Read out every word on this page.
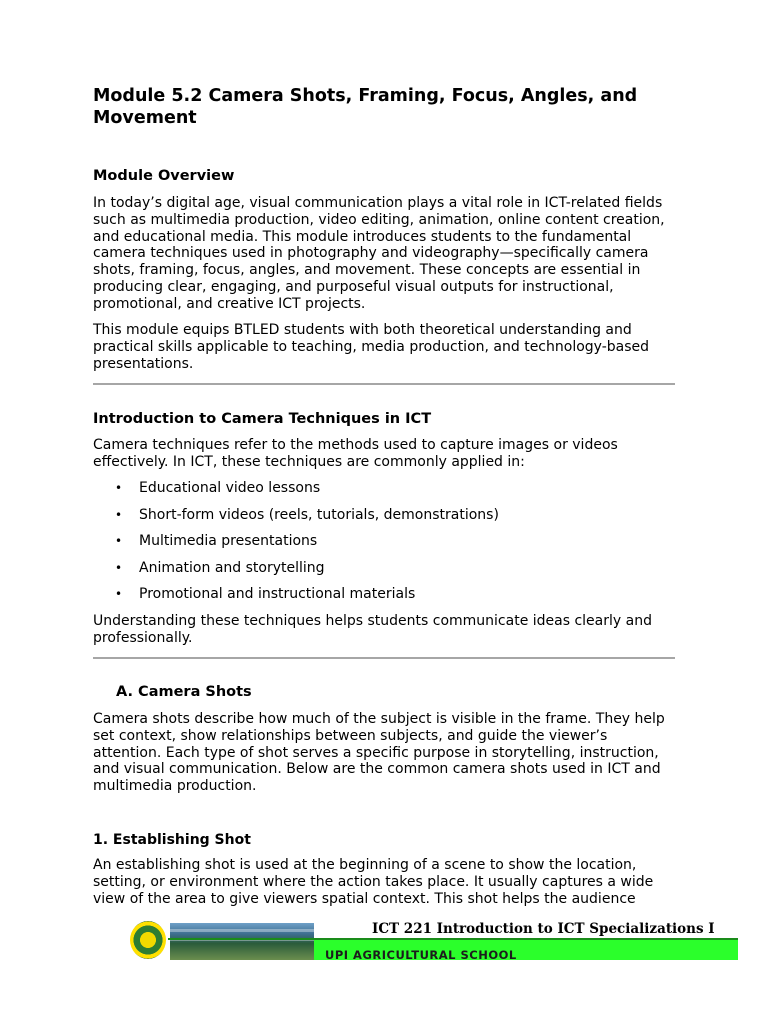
Module 5.2 Camera Shots, Framing, Focus, Angles, and Movement
Module Overview
In today’s digital age, visual communication plays a vital role in ICT-related fields
such as multimedia production, video editing, animation, online content creation,
and educational media. This module introduces students to the fundamental
camera techniques used in photography and videography—specifically camera
shots, framing, focus, angles, and movement. These concepts are essential in
producing clear, engaging, and purposeful visual outputs for instructional,
promotional, and creative ICT projects.
This module equips BTLED students with both theoretical understanding and
practical skills applicable to teaching, media production, and technology-based
presentations.
Introduction to Camera Techniques in ICT
Camera techniques refer to the methods used to capture images or videos
effectively. In ICT, these techniques are commonly applied in:
• Educational video lessons
• Short-form videos (reels, tutorials, demonstrations)
• Multimedia presentations
• Animation and storytelling
• Promotional and instructional materials
Understanding these techniques helps students communicate ideas clearly and
professionally.
A. Camera Shots
Camera shots describe how much of the subject is visible in the frame. They help
set context, show relationships between subjects, and guide the viewer’s
attention. Each type of shot serves a specific purpose in storytelling, instruction,
and visual communication. Below are the common camera shots used in ICT and
multimedia production.
1. Establishing Shot
An establishing shot is used at the beginning of a scene to show the location,
setting, or environment where the action takes place. It usually captures a wide
view of the area to give viewers spatial context. This shot helps the audience
ICT 221 Introduction to ICT Specializations I
UPI AGRICULTURAL SCHOOL
